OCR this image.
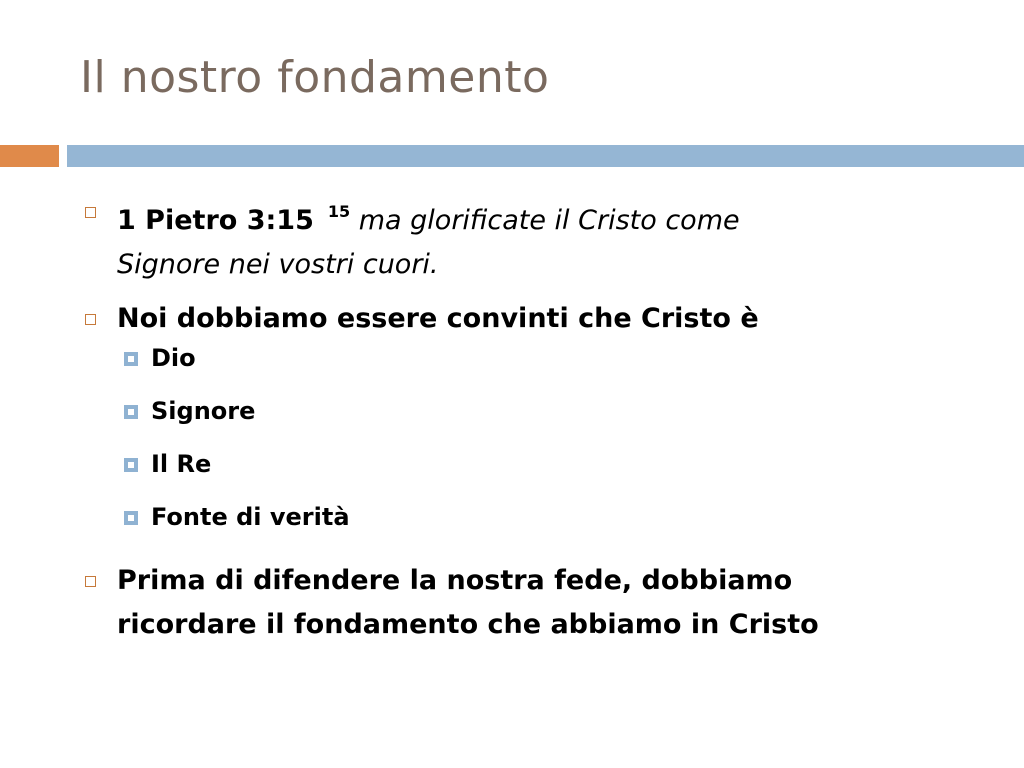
Il nostro fondamento
1 Pietro 3:15 $^{15}$ ma glorificate il Cristo come
Signore nei vostri cuori.
Noi dobbiamo essere convinti che Cristo è
Dio
Signore
Il Re
Fonte di verità
Prima di difendere la nostra fede, dobbiamo
ricordare il fondamento che abbiamo in Cristo
